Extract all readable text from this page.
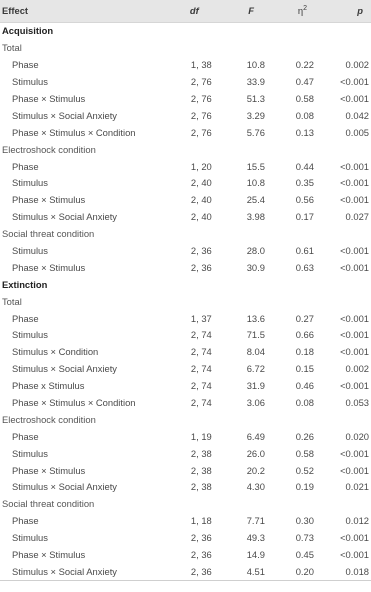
Effect	df	F	$\eta^2$	p
Acquisition				
Total				
Phase	1, 38	10.8	0.22	0.002
Stimulus	2, 76	33.9	0.47	<0.001
Phase × Stimulus	2, 76	51.3	0.58	<0.001
Stimulus × Social Anxiety	2, 76	3.29	0.08	0.042
Phase × Stimulus × Condition	2, 76	5.76	0.13	0.005
Electroshock condition				
Phase	1, 20	15.5	0.44	<0.001
Stimulus	2, 40	10.8	0.35	<0.001
Phase × Stimulus	2, 40	25.4	0.56	<0.001
Stimulus × Social Anxiety	2, 40	3.98	0.17	0.027
Social threat condition				
Stimulus	2, 36	28.0	0.61	<0.001
Phase × Stimulus	2, 36	30.9	0.63	<0.001
Extinction				
Total				
Phase	1, 37	13.6	0.27	<0.001
Stimulus	2, 74	71.5	0.66	<0.001
Stimulus × Condition	2, 74	8.04	0.18	<0.001
Stimulus × Social Anxiety	2, 74	6.72	0.15	0.002
Phase x Stimulus	2, 74	31.9	0.46	<0.001
Phase × Stimulus × Condition	2, 74	3.06	0.08	0.053
Electroshock condition				
Phase	1, 19	6.49	0.26	0.020
Stimulus	2, 38	26.0	0.58	<0.001
Phase × Stimulus	2, 38	20.2	0.52	<0.001
Stimulus × Social Anxiety	2, 38	4.30	0.19	0.021
Social threat condition				
Phase	1, 18	7.71	0.30	0.012
Stimulus	2, 36	49.3	0.73	<0.001
Phase × Stimulus	2, 36	14.9	0.45	<0.001
Stimulus × Social Anxiety	2, 36	4.51	0.20	0.018
